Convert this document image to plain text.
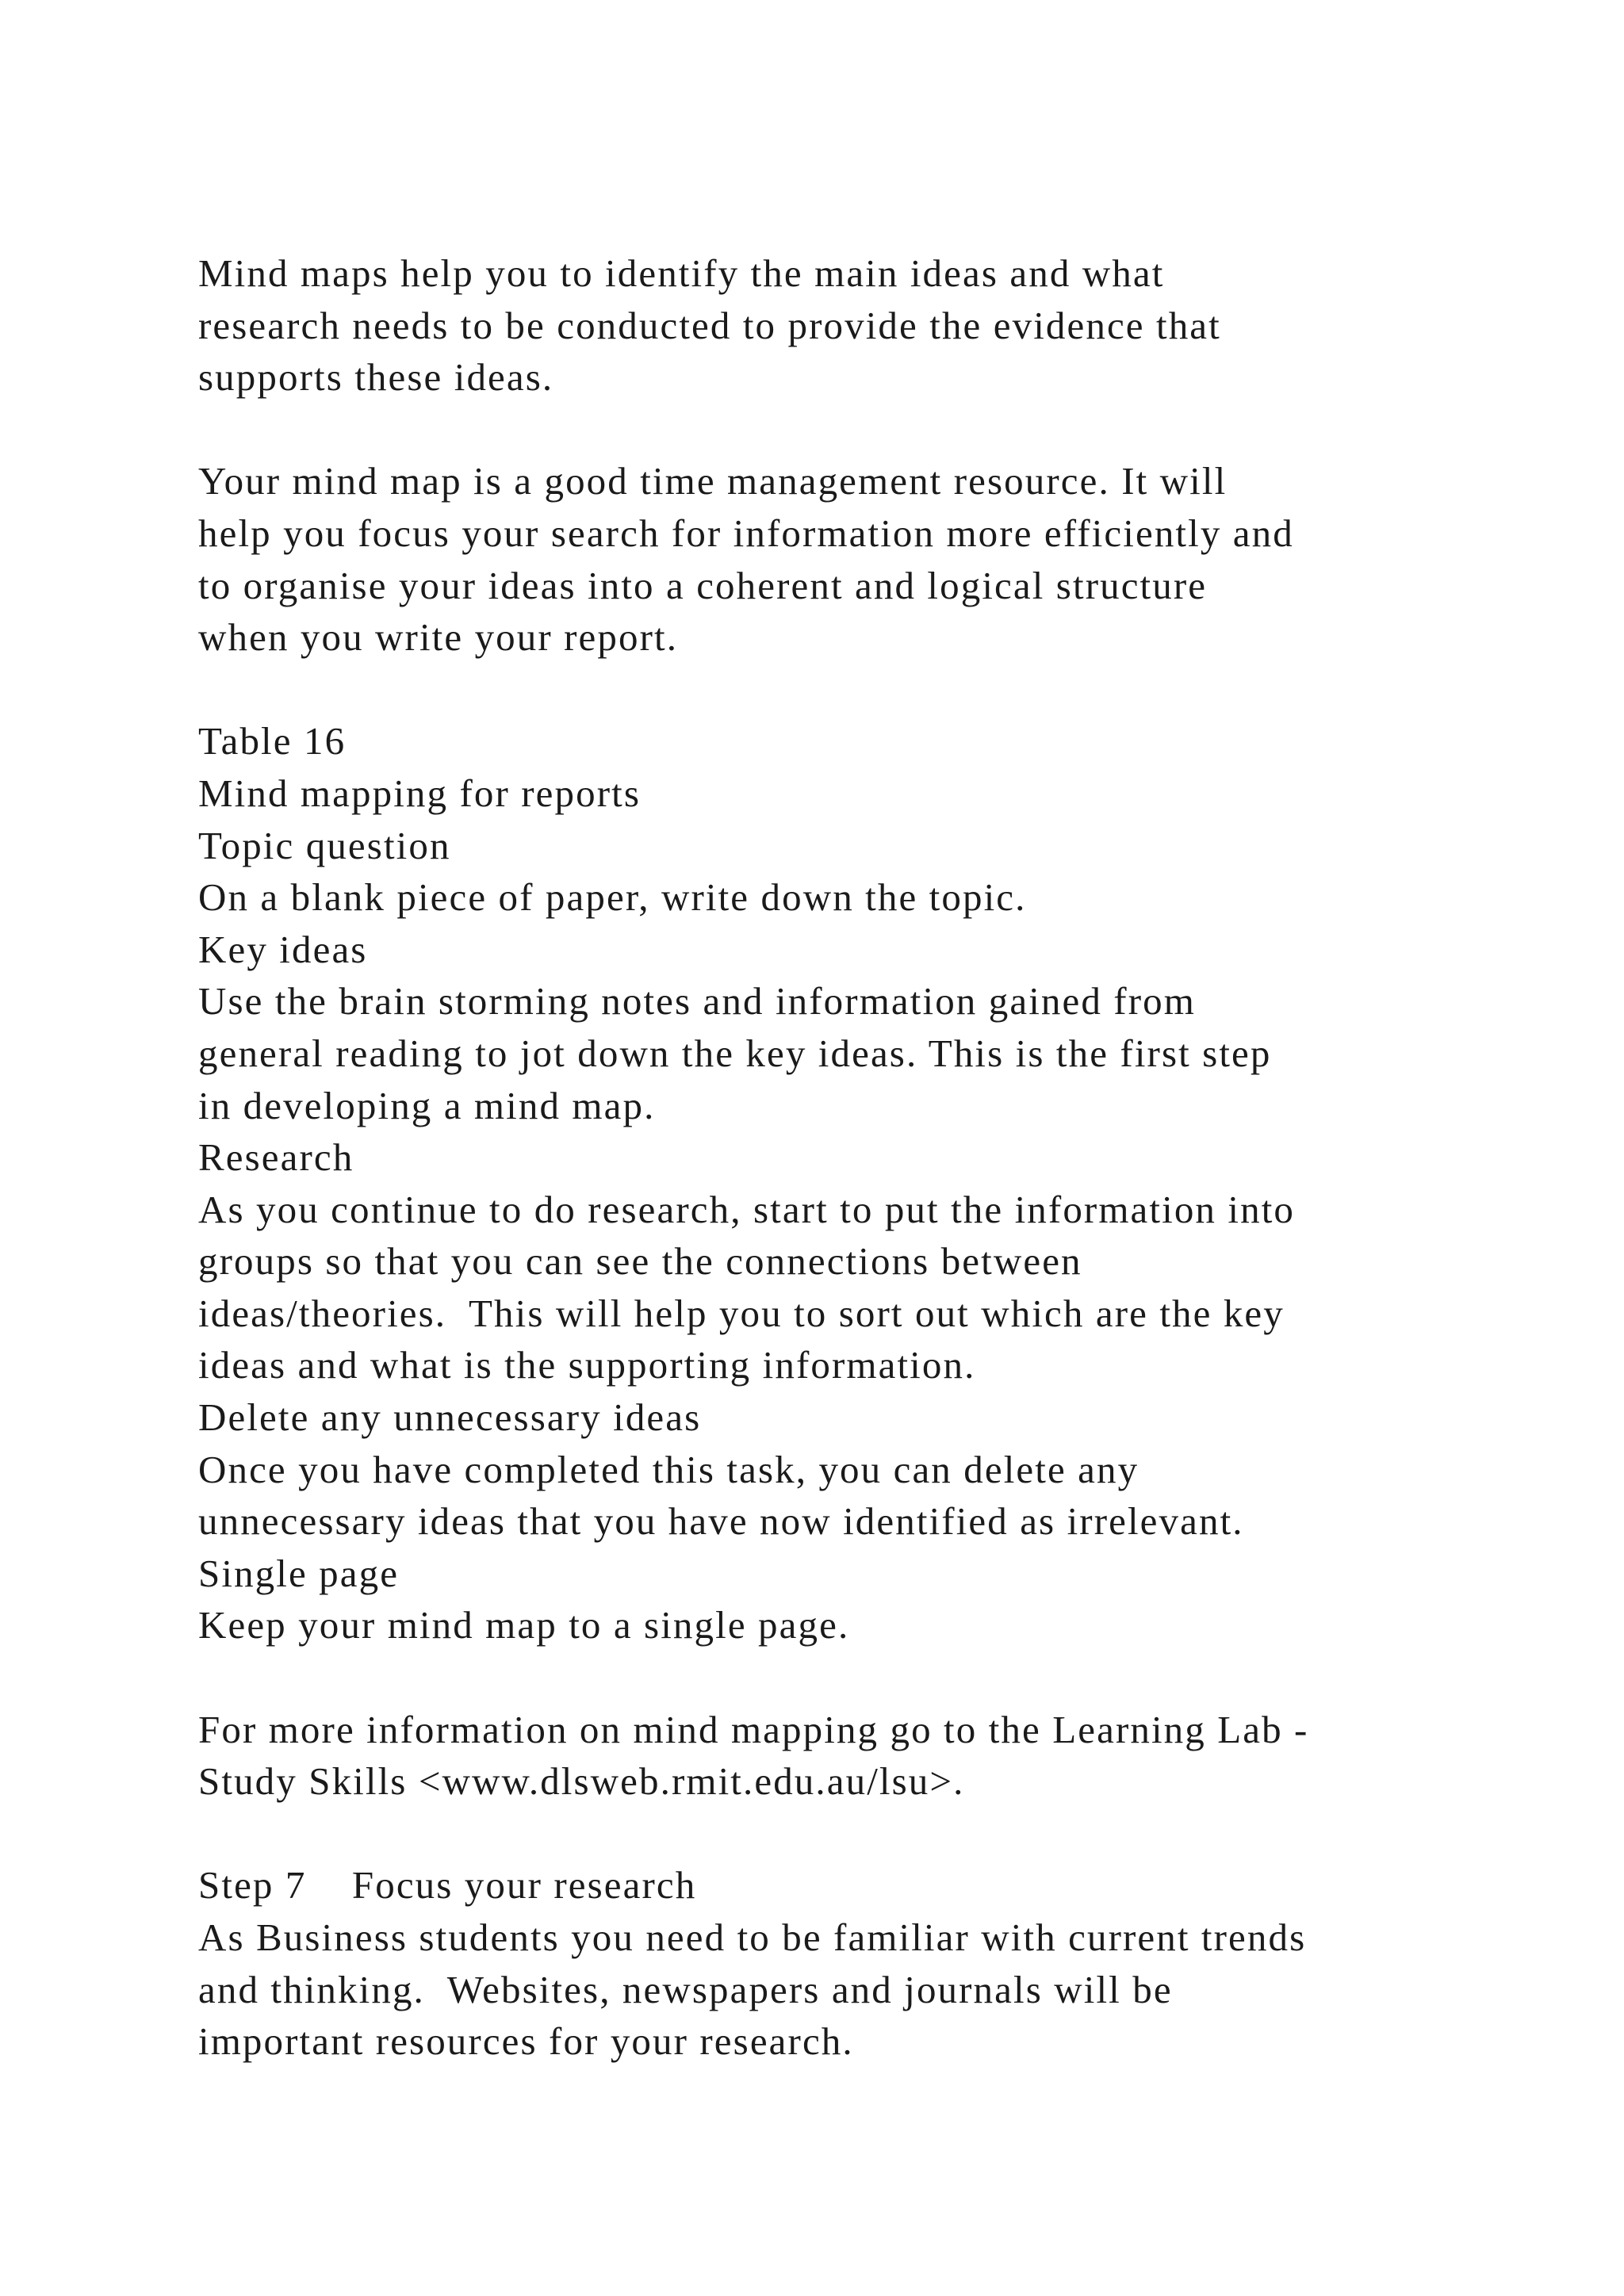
Mind maps help you to identify the main ideas and what
research needs to be conducted to provide the evidence that
supports these ideas.
Your mind map is a good time management resource. It will
help you focus your search for information more efficiently and
to organise your ideas into a coherent and logical structure
when you write your report.
Table 16
Mind mapping for reports
Topic question
On a blank piece of paper, write down the topic.
Key ideas
Use the brain storming notes and information gained from
general reading to jot down the key ideas. This is the first step
in developing a mind map.
Research
As you continue to do research, start to put the information into
groups so that you can see the connections between
ideas/theories.  This will help you to sort out which are the key
ideas and what is the supporting information.
Delete any unnecessary ideas
Once you have completed this task, you can delete any
unnecessary ideas that you have now identified as irrelevant.
Single page
Keep your mind map to a single page.
For more information on mind mapping go to the Learning Lab -
Study Skills <www.dlsweb.rmit.edu.au/lsu>.
Step 7    Focus your research
As Business students you need to be familiar with current trends
and thinking.  Websites, newspapers and journals will be
important resources for your research.
